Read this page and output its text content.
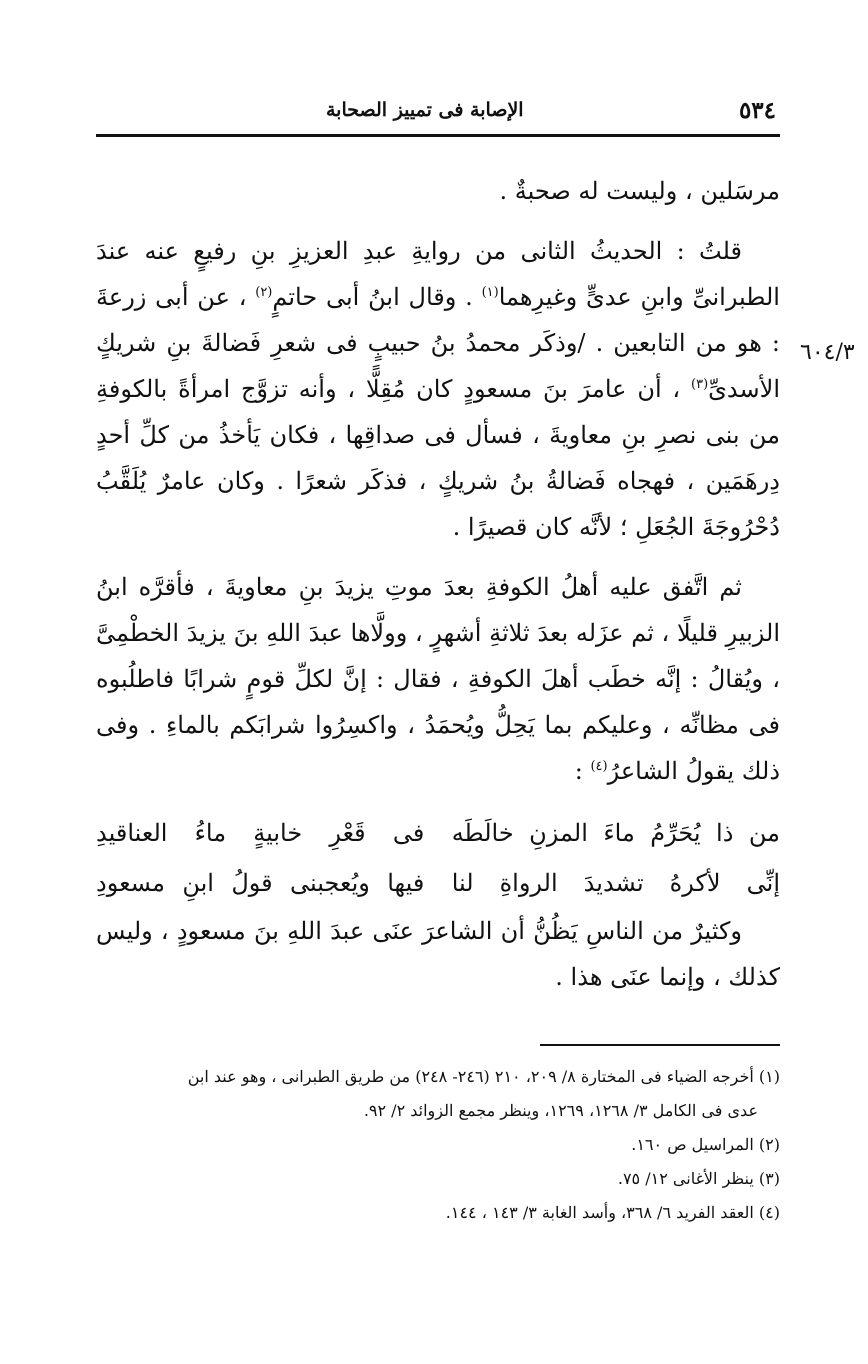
٥٣٤
الإصابة فى تمييز الصحابة
٦٠٤/٣

مرسَلين ، وليست له صحبةٌ .

قلتُ : الحديثُ الثانى من روايةِ عبدِ العزيزِ بنِ رفيعٍ عنه عندَ الطبرانىِّ وابنِ عدىٍّ وغيرِهما$^{(١)}$ . وقال ابنُ أبى حاتمٍ$^{(٢)}$ ، عن أبى زرعةَ : هو من التابعين . /وذكَر محمدُ بنُ حبيبٍ فى شعرِ فَضالةَ بنِ شريكٍ الأسدىِّ$^{(٣)}$ ، أن عامرَ بنَ مسعودٍ كان مُقِلًّا ، وأنه تزوَّج امرأةً بالكوفةِ من بنى نصرِ بنِ معاويةَ ، فسأل فى صداقِها ، فكان يَأخذُ من كلِّ أحدٍ دِرهَمَين ، فهجاه فَضالةُ بنُ شريكٍ ، فذكَر شعرًا . وكان عامرٌ يُلَقَّبُ دُحْرُوجَةَ الجُعَلِ ؛ لأنَّه كان قصيرًا .

ثم اتَّفق عليه أهلُ الكوفةِ بعدَ موتِ يزيدَ بنِ معاويةَ ، فأقرَّه ابنُ الزبيرِ قليلًا ، ثم عزَله بعدَ ثلاثةِ أشهرٍ ، وولَّاها عبدَ اللهِ بنَ يزيدَ الخطْمِىَّ ، ويُقالُ : إنَّه خطَب أهلَ الكوفةِ ، فقال : إنَّ لكلِّ قومٍ شرابًا فاطلُبوه فى مظانِّه ، وعليكم بما يَحِلُّ ويُحمَدُ ، واكسِرُوا شرابَكم بالماءِ . وفى ذلك يقولُ الشاعرُ$^{(٤)}$ :

من ذا يُحَرِّمُ ماءَ المزنِ خالَطَه
فى قَعْرِ خابيةٍ ماءُ العناقيدِ
إنِّى لأكرهُ تشديدَ الرواةِ لنا
فيها ويُعجبنى قولُ ابنِ مسعودِ

وكثيرٌ من الناسِ يَظُنُّ أن الشاعرَ عنَى عبدَ اللهِ بنَ مسعودٍ ، وليس كذلك ، وإنما عنَى هذا .

(١) أخرجه الضياء فى المختارة ٨/ ٢٠٩، ٢١٠ (٢٤٦- ٢٤٨) من طريق الطبرانى ، وهو عند ابن
عدى فى الكامل ٣/ ١٢٦٨، ١٢٦٩، وينظر مجمع الزوائد ٢/ ٩٢.

(٢) المراسيل ص ١٦٠.

(٣) ينظر الأغانى ١٢/ ٧٥.

(٤) العقد الفريد ٦/ ٣٦٨، وأسد الغابة ٣/ ١٤٣ ، ١٤٤.
